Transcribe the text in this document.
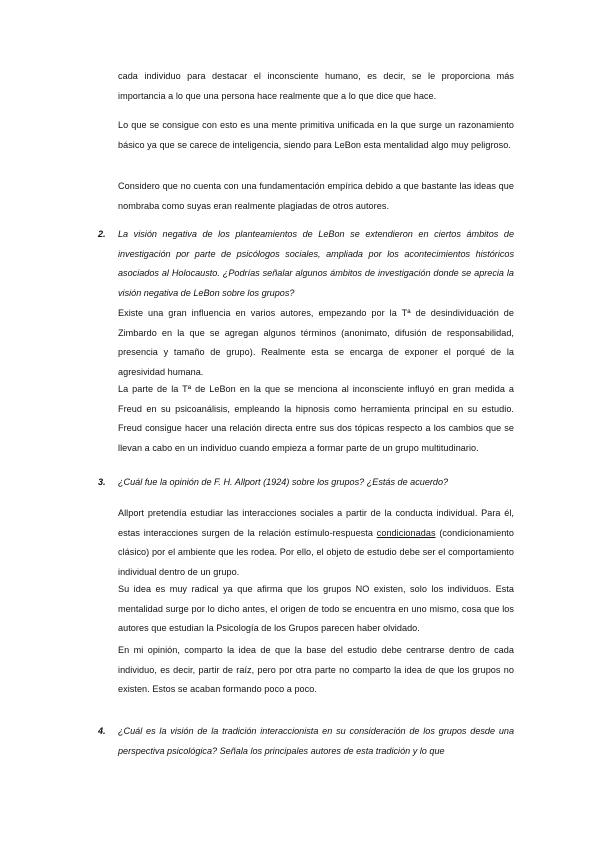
cada individuo para destacar el inconsciente humano, es decir, se le proporciona más importancia a lo que una persona hace realmente que a lo que dice que hace.

Lo que se consigue con esto es una mente primitiva unificada en la que surge un razonamiento básico ya que se carece de inteligencia, siendo para LeBon esta mentalidad algo muy peligroso.

Considero que no cuenta con una fundamentación empírica debido a que bastante las ideas que nombraba como suyas eran realmente plagiadas de otros autores.

2. La visión negativa de los planteamientos de LeBon se extendieron en ciertos ámbitos de investigación por parte de psicólogos sociales, ampliada por los acontecimientos históricos asociados al Holocausto. ¿Podrías señalar algunos ámbitos de investigación donde se aprecia la visión negativa de LeBon sobre los grupos?

Existe una gran influencia en varios autores, empezando por la Tª de desindividuación de Zimbardo en la que se agregan algunos términos (anonimato, difusión de responsabilidad, presencia y tamaño de grupo). Realmente esta se encarga de exponer el porqué de la agresividad humana.

La parte de la Tª de LeBon en la que se menciona al inconsciente influyó en gran medida a Freud en su psicoanálisis, empleando la hipnosis como herramienta principal en su estudio. Freud consigue hacer una relación directa entre sus dos tópicas respecto a los cambios que se llevan a cabo en un individuo cuando empieza a formar parte de un grupo multitudinario.

3. ¿Cuál fue la opinión de F. H. Allport (1924) sobre los grupos? ¿Estás de acuerdo?

Allport pretendía estudiar las interacciones sociales a partir de la conducta individual. Para él, estas interacciones surgen de la relación estímulo-respuesta condicionadas (condicionamiento clásico) por el ambiente que les rodea. Por ello, el objeto de estudio debe ser el comportamiento individual dentro de un grupo.

Su idea es muy radical ya que afirma que los grupos NO existen, solo los individuos. Esta mentalidad surge por lo dicho antes, el origen de todo se encuentra en uno mismo, cosa que los autores que estudian la Psicología de los Grupos parecen haber olvidado.

En mi opinión, comparto la idea de que la base del estudio debe centrarse dentro de cada individuo, es decir, partir de raíz, pero por otra parte no comparto la idea de que los grupos no existen. Estos se acaban formando poco a poco.

4. ¿Cuál es la visión de la tradición interaccionista en su consideración de los grupos desde una perspectiva psicológica? Señala los principales autores de esta tradición y lo que
